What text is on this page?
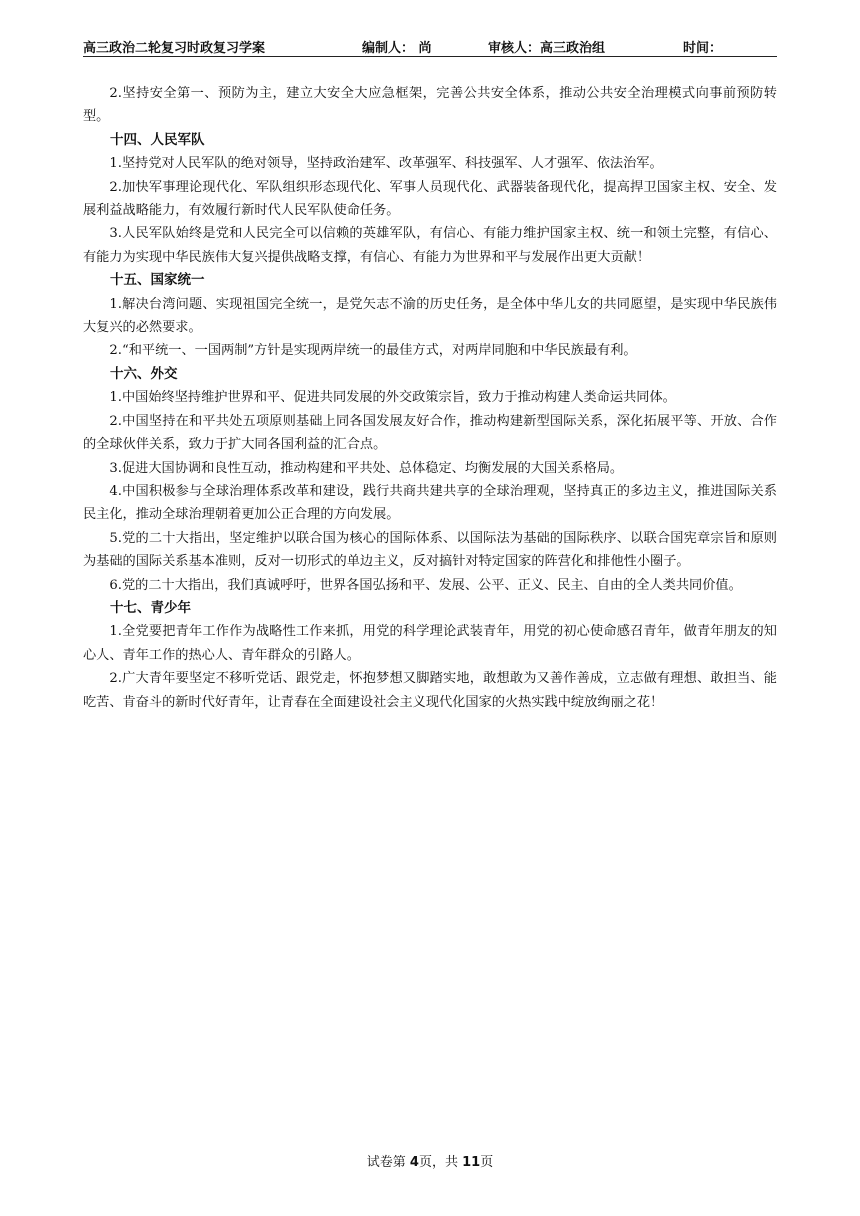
高三政治二轮复习时政复习学案	编制人： 尚	审核人：高三政治组	时间：

2.坚持安全第一、预防为主，建立大安全大应急框架，完善公共安全体系，推动公共安全治理模式向事前预防转型。

十四、人民军队

1.坚持党对人民军队的绝对领导，坚持政治建军、改革强军、科技强军、人才强军、依法治军。

2.加快军事理论现代化、军队组织形态现代化、军事人员现代化、武器装备现代化，提高捍卫国家主权、安全、发展利益战略能力，有效履行新时代人民军队使命任务。

3.人民军队始终是党和人民完全可以信赖的英雄军队，有信心、有能力维护国家主权、统一和领土完整，有信心、有能力为实现中华民族伟大复兴提供战略支撑，有信心、有能力为世界和平与发展作出更大贡献！

十五、国家统一

1.解决台湾问题、实现祖国完全统一，是党矢志不渝的历史任务，是全体中华儿女的共同愿望，是实现中华民族伟大复兴的必然要求。

2.“和平统一、一国两制”方针是实现两岸统一的最佳方式，对两岸同胞和中华民族最有利。

十六、外交

1.中国始终坚持维护世界和平、促进共同发展的外交政策宗旨，致力于推动构建人类命运共同体。

2.中国坚持在和平共处五项原则基础上同各国发展友好合作，推动构建新型国际关系，深化拓展平等、开放、合作的全球伙伴关系，致力于扩大同各国利益的汇合点。

3.促进大国协调和良性互动，推动构建和平共处、总体稳定、均衡发展的大国关系格局。

4.中国积极参与全球治理体系改革和建设，践行共商共建共享的全球治理观，坚持真正的多边主义，推进国际关系民主化，推动全球治理朝着更加公正合理的方向发展。

5.党的二十大指出，坚定维护以联合国为核心的国际体系、以国际法为基础的国际秩序、以联合国宪章宗旨和原则为基础的国际关系基本准则，反对一切形式的单边主义，反对搞针对特定国家的阵营化和排他性小圈子。

6.党的二十大指出，我们真诚呼吁，世界各国弘扬和平、发展、公平、正义、民主、自由的全人类共同价值。

十七、青少年

1.全党要把青年工作作为战略性工作来抓，用党的科学理论武装青年，用党的初心使命感召青年，做青年朋友的知心人、青年工作的热心人、青年群众的引路人。

2.广大青年要坚定不移听党话、跟党走，怀抱梦想又脚踏实地，敢想敢为又善作善成，立志做有理想、敢担当、能吃苦、肯奋斗的新时代好青年，让青春在全面建设社会主义现代化国家的火热实践中绽放绚丽之花！

试卷第 4页，共 11页
